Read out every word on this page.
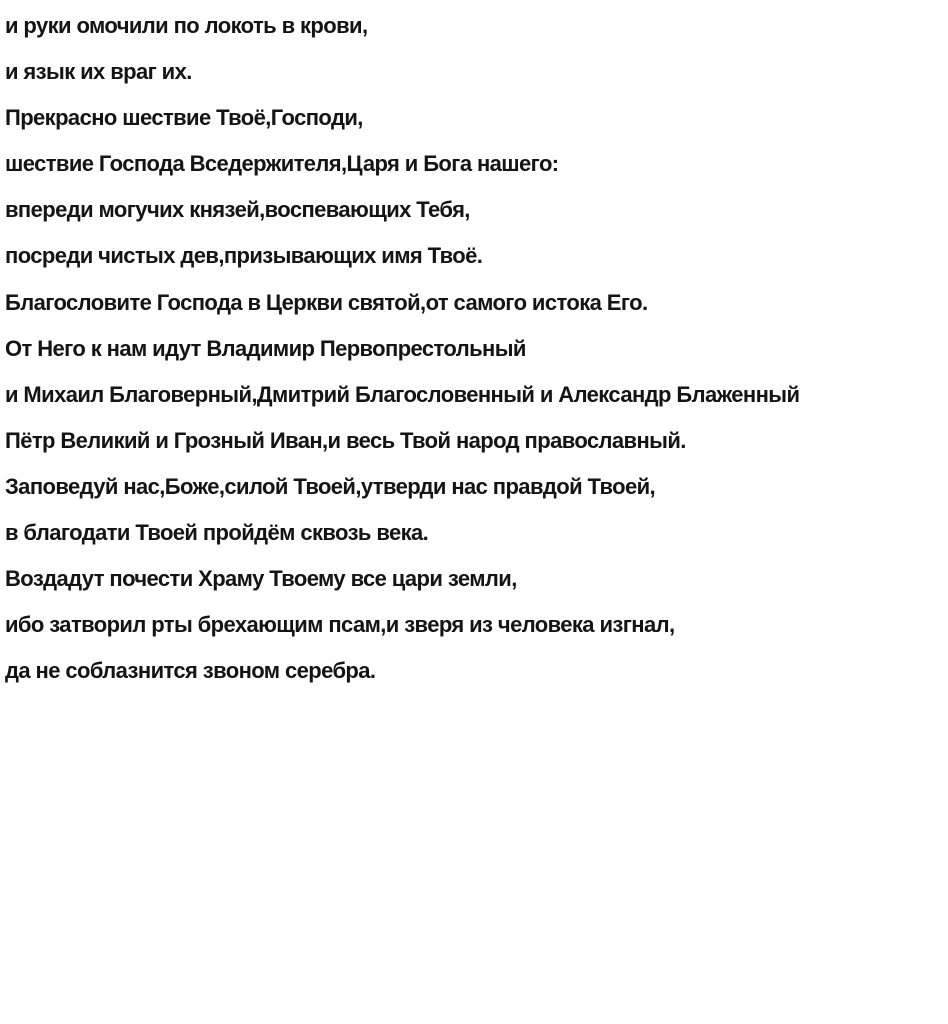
и руки омочили по локоть в крови,
и язык их враг их.
Прекрасно шествие Твоё,Господи,
шествие Господа Вседержителя,Царя и Бога нашего:
впереди могучих князей,воспевающих Тебя,
посреди чистых дев,призывающих имя Твоё.
Благословите Господа в Церкви святой,от самого истока Его.
От Него к нам идут Владимир Первопрестольный
и Михаил Благоверный,Дмитрий Благословенный и Александр Блаженный
Пётр Великий и Грозный Иван,и весь Твой народ православный.
Заповедуй нас,Боже,силой Твоей,утверди нас правдой Твоей,
в благодати Твоей пройдём сквозь века.
Воздадут почести Храму Твоему все цари земли,
ибо затворил рты брехающим псам,и зверя из человека изгнал,
да не соблазнится звоном серебра.
